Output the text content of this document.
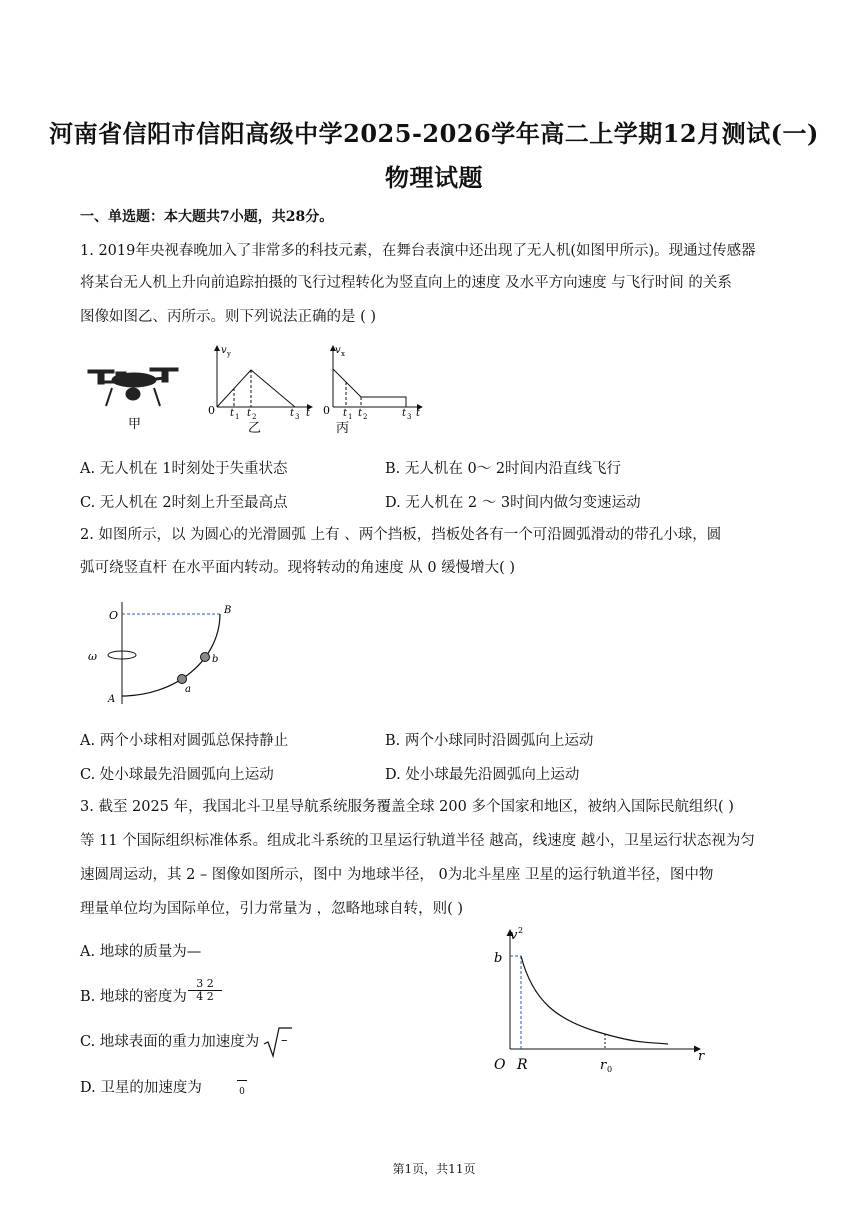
河南省信阳市信阳高级中学2025-2026学年高二上学期12月测试(一)
物理试题
一、单选题：本大题共7小题，共28分。
1. 2019年央视春晚加入了非常多的科技元素，在舞台表演中还出现了无人机(如图甲所示)。现通过传感器
将某台无人机上升向前追踪拍摄的飞行过程转化为竖直向上的速度 及水平方向速度 与飞行时间 的关系
图像如图乙、丙所示。则下列说法正确的是 ( )
甲
v y
0 t 1 t 2	t 3 t
乙
v x
0 t 1 t 2	t 3 t
丙
A. 无人机在 1时刻处于失重状态	B. 无人机在 0～ 2时间内沿直线飞行
C. 无人机在 2时刻上升至最高点	D. 无人机在 2 ～ 3时间内做匀变速运动
2. 如图所示，以 为圆心的光滑圆弧 上有 、两个挡板，挡板处各有一个可沿圆弧滑动的带孔小球，圆
弧可绕竖直杆 在水平面内转动。现将转动的角速度 从 0 缓慢增大( )
O	B
A
b
a
ω
A. 两个小球相对圆弧总保持静止	B. 两个小球同时沿圆弧向上运动
C. 处小球最先沿圆弧向上运动	D. 处小球最先沿圆弧向上运动
3. 截至 2025 年，我国北斗卫星导航系统服务覆盖全球 200 多个国家和地区，被纳入国际民航组织( )
等 11 个国际组织标准体系。组成北斗系统的卫星运行轨道半径 越高，线速度 越小，卫星运行状态视为匀
速圆周运动，其 2 – 图像如图所示，图中 为地球半径， 0为北斗星座 卫星的运行轨道半径，图中物
理量单位均为国际单位，引力常量为 ，忽略地球自转，则( )
A. 地球的质量为—
B. 地球的密度为
3 2
4 2
C. 地球表面的重力加速度为 –
D. 卫星的加速度为	0
v 2
b
O R	r 0
r
第1页，共11页
